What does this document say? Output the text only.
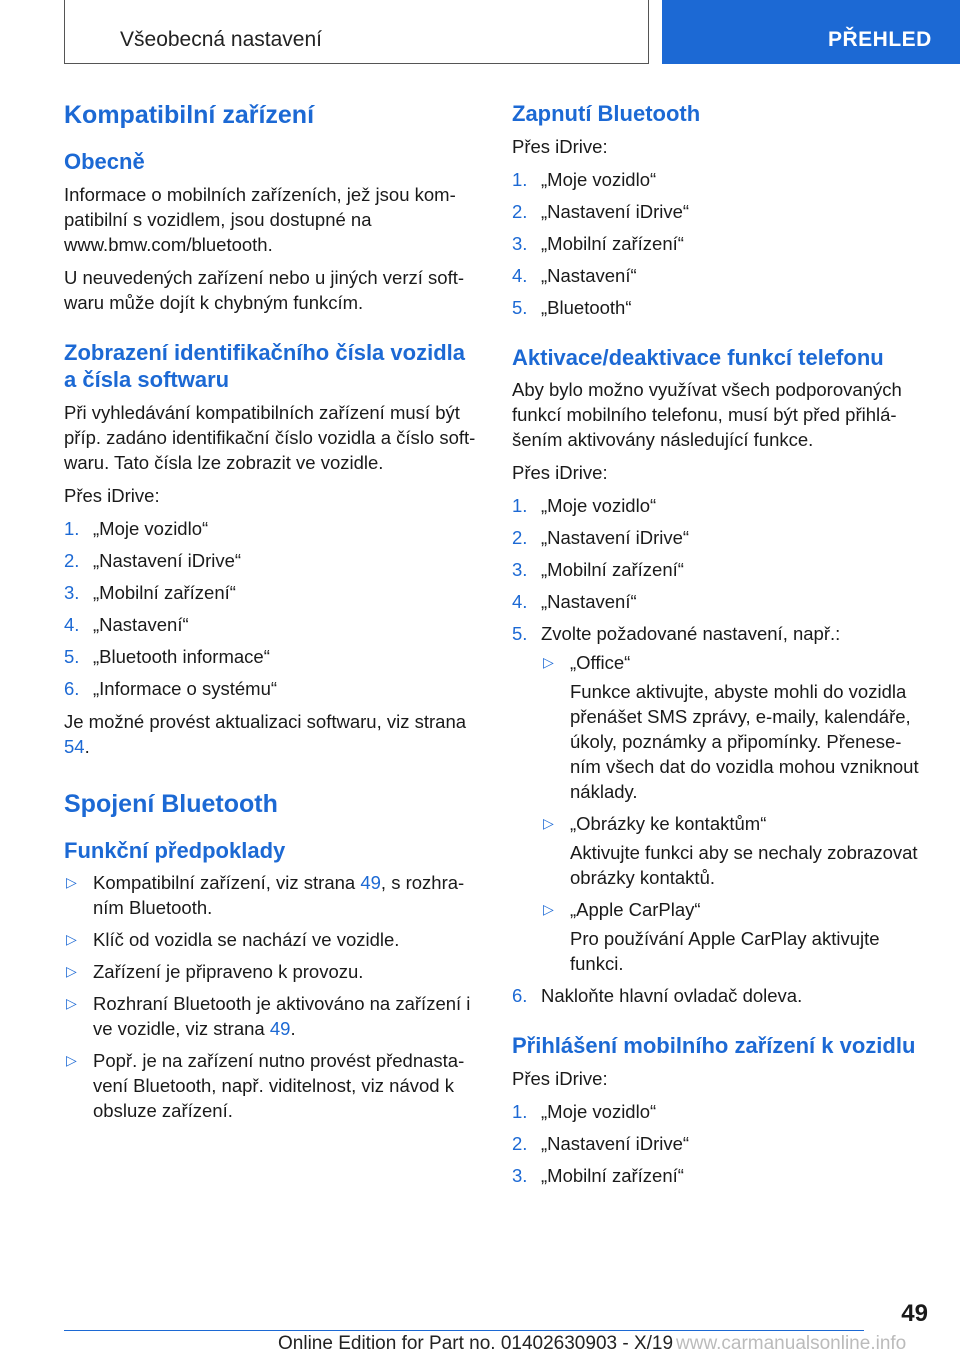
Všeobecná nastavení	PŘEHLED
Kompatibilní zařízení
Obecně
Informace o mobilních zařízeních, jež jsou kom‐ patibilní s vozidlem, jsou dostupné na www.bmw.com/bluetooth.
U neuvedených zařízení nebo u jiných verzí soft‐ waru může dojít k chybným funkcím.
Zobrazení identifikačního čísla vozidla a čísla softwaru
Při vyhledávání kompatibilních zařízení musí být příp. zadáno identifikační číslo vozidla a číslo soft‐ waru. Tato čísla lze zobrazit ve vozidle.
Přes iDrive:
1. „Moje vozidlo“
2. „Nastavení iDrive“
3. „Mobilní zařízení“
4. „Nastavení“
5. „Bluetooth informace“
6. „Informace o systému“
Je možné provést aktualizaci softwaru, viz strana 54.
Spojení Bluetooth
Funkční předpoklady
▷ Kompatibilní zařízení, viz strana 49, s rozhra‐ ním Bluetooth.
▷ Klíč od vozidla se nachází ve vozidle.
▷ Zařízení je připraveno k provozu.
▷ Rozhraní Bluetooth je aktivováno na zařízení i ve vozidle, viz strana 49.
▷ Popř. je na zařízení nutno provést přednasta‐ vení Bluetooth, např. viditelnost, viz návod k obsluze zařízení.
Zapnutí Bluetooth
Přes iDrive:
1. „Moje vozidlo“
2. „Nastavení iDrive“
3. „Mobilní zařízení“
4. „Nastavení“
5. „Bluetooth“
Aktivace/deaktivace funkcí telefonu
Aby bylo možno využívat všech podporovaných funkcí mobilního telefonu, musí být před přihlá‐ šením aktivovány následující funkce.
Přes iDrive:
1. „Moje vozidlo“
2. „Nastavení iDrive“
3. „Mobilní zařízení“
4. „Nastavení“
5. Zvolte požadované nastavení, např.:
▷ „Office“
Funkce aktivujte, abyste mohli do vozidla přenášet SMS zprávy, e-maily, kalendáře, úkoly, poznámky a připomínky. Přenese‐ ním všech dat do vozidla mohou vzniknout náklady.
▷ „Obrázky ke kontaktům“
Aktivujte funkci aby se nechaly zobrazovat obrázky kontaktů.
▷ „Apple CarPlay“
Pro používání Apple CarPlay aktivujte funkci.
6. Nakloňte hlavní ovladač doleva.
Přihlášení mobilního zařízení k vozidlu
Přes iDrive:
1. „Moje vozidlo“
2. „Nastavení iDrive“
3. „Mobilní zařízení“
49
Online Edition for Part no. 01402630903 - X/19 www.carmanualsonline.info
